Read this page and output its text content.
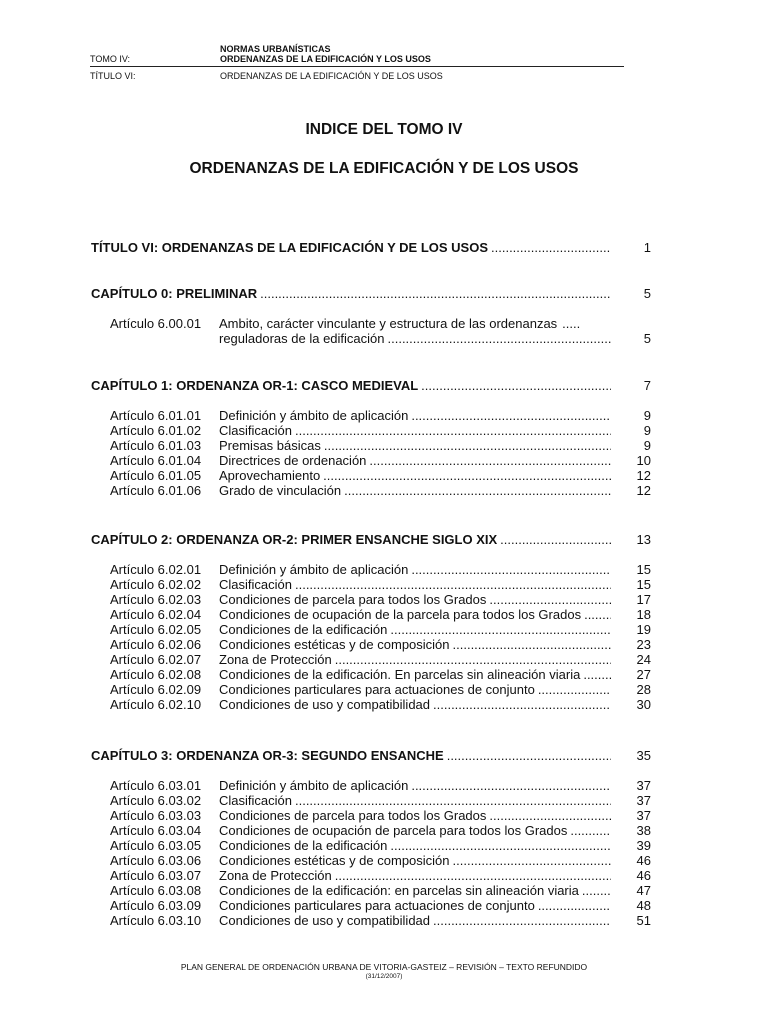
NORMAS URBANÍSTICAS
TOMO IV:	ORDENANZAS DE LA EDIFICACIÓN Y LOS USOS
TÍTULO VI:	ORDENANZAS DE LA EDIFICACIÓN Y DE LOS USOS
INDICE DEL TOMO IV
ORDENANZAS DE LA EDIFICACIÓN Y DE LOS USOS
TÍTULO VI: ORDENANZAS DE LA EDIFICACIÓN Y DE LOS USOS .....	1
CAPÍTULO 0: PRELIMINAR .....	5
Artículo 6.00.01	Ambito, carácter vinculante y estructura de las ordenanzas
.....
reguladoras de la edificación .....	5
CAPÍTULO 1: ORDENANZA OR-1: CASCO MEDIEVAL .....	7
Artículo 6.01.01	Definición y ámbito de aplicación .....	9
Artículo 6.01.02	Clasificación .....	9
Artículo 6.01.03	Premisas básicas .....	9
Artículo 6.01.04	Directrices de ordenación .....	10
Artículo 6.01.05	Aprovechamiento .....	12
Artículo 6.01.06	Grado de vinculación .....	12
CAPÍTULO 2: ORDENANZA OR-2: PRIMER ENSANCHE SIGLO XIX .....	13
Artículo 6.02.01	Definición y ámbito de aplicación .....	15
Artículo 6.02.02	Clasificación .....	15
Artículo 6.02.03	Condiciones de parcela para todos los Grados .....	17
Artículo 6.02.04	Condiciones de ocupación de la parcela para todos los Grados .....	18
Artículo 6.02.05	Condiciones de la edificación .....	19
Artículo 6.02.06	Condiciones estéticas y de composición .....	23
Artículo 6.02.07	Zona de Protección .....	24
Artículo 6.02.08	Condiciones de la edificación. En parcelas sin alineación viaria .....	27
Artículo 6.02.09	Condiciones particulares para actuaciones de conjunto .....	28
Artículo 6.02.10	Condiciones de uso y compatibilidad .....	30
CAPÍTULO 3: ORDENANZA OR-3: SEGUNDO ENSANCHE .....	35
Artículo 6.03.01	Definición y ámbito de aplicación .....	37
Artículo 6.03.02	Clasificación .....	37
Artículo 6.03.03	Condiciones de parcela para todos los Grados .....	37
Artículo 6.03.04	Condiciones de ocupación de parcela para todos los Grados .....	38
Artículo 6.03.05	Condiciones de la edificación .....	39
Artículo 6.03.06	Condiciones estéticas y de composición .....	46
Artículo 6.03.07	Zona de Protección .....	46
Artículo 6.03.08	Condiciones de la edificación: en parcelas sin alineación viaria .....	47
Artículo 6.03.09	Condiciones particulares para actuaciones de conjunto .....	48
Artículo 6.03.10	Condiciones de uso y compatibilidad .....	51
PLAN GENERAL DE ORDENACIÓN URBANA DE VITORIA-GASTEIZ – REVISIÓN – TEXTO REFUNDIDO
(31/12/2007)
